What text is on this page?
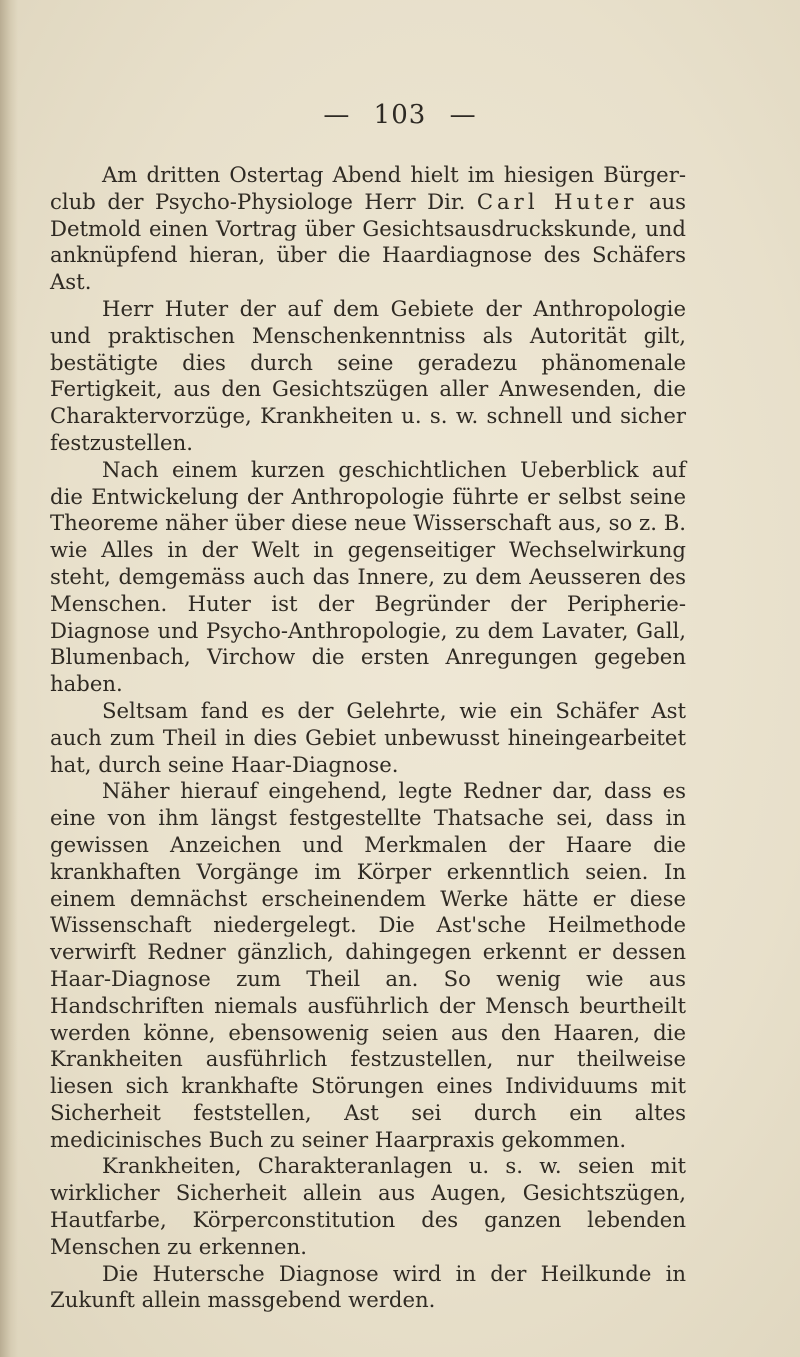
— 103 —

Am dritten Ostertag Abend hielt im hiesigen Bürger-club der Psycho-Physiologe Herr Dir. Carl Huter aus Detmold einen Vortrag über Gesichtsausdruckskunde, und anknüpfend hieran, über die Haardiagnose des Schäfers Ast.

Herr Huter der auf dem Gebiete der Anthropologie und praktischen Menschenkenntniss als Autorität gilt, bestätigte dies durch seine geradezu phänomenale Fertigkeit, aus den Gesichtszügen aller Anwesenden, die Charaktervorzüge, Krankheiten u. s. w. schnell und sicher festzustellen.

Nach einem kurzen geschichtlichen Ueberblick auf die Entwickelung der Anthropologie führte er selbst seine Theoreme näher über diese neue Wisserschaft aus, so z. B. wie Alles in der Welt in gegenseitiger Wechselwirkung steht, demgemäss auch das Innere, zu dem Aeusseren des Menschen. Huter ist der Begründer der Peripherie-Diagnose und Psycho-Anthropologie, zu dem Lavater, Gall, Blumenbach, Virchow die ersten Anregungen gegeben haben.

Seltsam fand es der Gelehrte, wie ein Schäfer Ast auch zum Theil in dies Gebiet unbewusst hineingearbeitet hat, durch seine Haar-Diagnose.

Näher hierauf eingehend, legte Redner dar, dass es eine von ihm längst festgestellte Thatsache sei, dass in gewissen Anzeichen und Merkmalen der Haare die krankhaften Vorgänge im Körper erkenntlich seien. In einem demnächst erscheinendem Werke hätte er diese Wissenschaft niedergelegt. Die Ast'sche Heilmethode verwirft Redner gänzlich, dahingegen erkennt er dessen Haar-Diagnose zum Theil an. So wenig wie aus Handschriften niemals ausführlich der Mensch beurtheilt werden könne, ebensowenig seien aus den Haaren, die Krankheiten ausführlich festzustellen, nur theilweise liesen sich krankhafte Störungen eines Individuums mit Sicherheit feststellen, Ast sei durch ein altes medicinisches Buch zu seiner Haarpraxis gekommen.

Krankheiten, Charakteranlagen u. s. w. seien mit wirklicher Sicherheit allein aus Augen, Gesichtszügen, Hautfarbe, Körperconstitution des ganzen lebenden Menschen zu erkennen.

Die Hutersche Diagnose wird in der Heilkunde in Zukunft allein massgebend werden.
